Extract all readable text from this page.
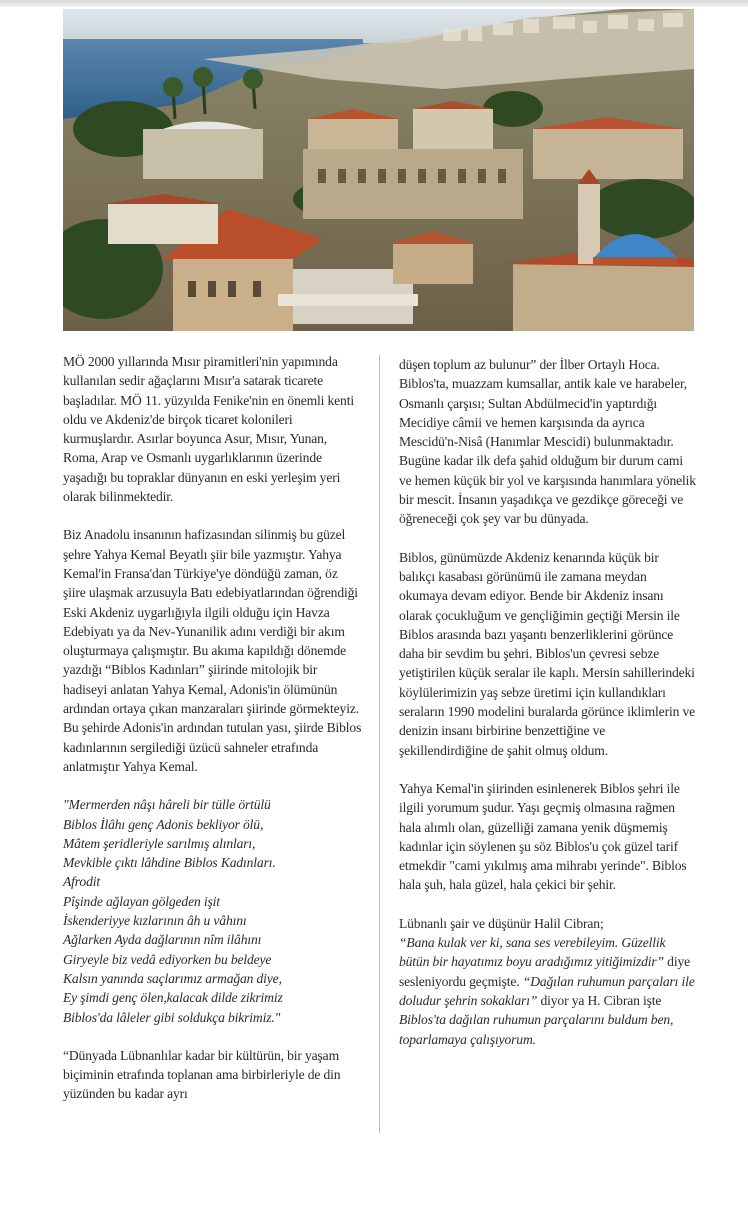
MÖ 2000 yıllarında Mısır piramitleri'nin yapımında kullanılan sedir ağaçlarını Mısır'a satarak ticarete başladılar. MÖ 11. yüzyılda Fenike'nin en önemli kenti oldu ve Akdeniz'de birçok ticaret kolonileri kurmuşlardır. Asırlar boyunca Asur, Mısır, Yunan, Roma, Arap ve Osmanlı uygarlıklarının üzerinde yaşadığı bu topraklar dünyanın en eski yerleşim yeri olarak bilinmektedir.

Biz Anadolu insanının hafizasından silinmiş bu güzel şehre Yahya Kemal Beyatlı şiir bile yazmıştır. Yahya Kemal'in Fransa'dan Türkiye'ye döndüğü zaman, öz şiire ulaşmak arzusuyla Batı edebiyatlarından öğrendiği Eski Akdeniz uygarlığıyla ilgili olduğu için Havza Edebiyatı ya da Nev-Yunanilik adını verdiği bir akım oluşturmaya çalışmıştır. Bu akıma kapıldığı dönemde yazdığı “Biblos Kadınları” şiirinde mitolojik bir hadiseyi anlatan Yahya Kemal, Adonis'in ölümünün ardından ortaya çıkan manzaraları şiirinde görmekteyiz. Bu şehirde Adonis'in ardından tutulan yası, şiirde Biblos kadınlarının sergilediği üzücü sahneler etrafında anlatmıştır Yahya Kemal.

"Mermerden nâşı hâreli bir tülle örtülü
Biblos İlâhı genç Adonis bekliyor ölü,
Mâtem şeridleriyle sarılmış alınları,
Mevkible çıktı lâhdine Biblos Kadınları.
Afrodit
Pîşinde ağlayan gölgeden işit
İskenderiyye kızlarının âh u vâhını
Ağlarken Ayda dağlarının nîm ilâhını
Giryeyle biz vedâ ediyorken bu beldeye
Kalsın yanında saçlarımız armağan diye,
Ey şimdi genç ölen,kalacak dilde zikrimiz
Biblos'da lâleler gibi soldukça bikrimiz."

“Dünyada Lübnanlılar kadar bir kültürün, bir yaşam biçiminin etrafında toplanan ama birbirleriyle de din yüzünden bu kadar ayrı

düşen toplum az bulunur” der İlber Ortaylı Hoca. Biblos'ta, muazzam kumsallar, antik kale ve harabeler, Osmanlı çarşısı; Sultan Abdülmecid'in yaptırdığı Mecidiye câmii ve hemen karşısında da ayrıca Mescidü'n-Nisâ (Hanımlar Mescidi) bulunmaktadır. Bugüne kadar ilk defa şahid olduğum bir durum cami ve hemen küçük bir yol ve karşısında hanımlara yönelik bir mescit. İnsanın yaşadıkça ve gezdikçe göreceği ve öğreneceği çok şey var bu dünyada.

Biblos, günümüzde Akdeniz kenarında küçük bir balıkçı kasabası görünümü ile zamana meydan okumaya devam ediyor. Bende bir Akdeniz insanı olarak çocukluğum ve gençliğimin geçtiği Mersin ile Biblos arasında bazı yaşantı benzerliklerini görünce daha bir sevdim bu şehri. Biblos'un çevresi sebze yetiştirilen küçük seralar ile kaplı. Mersin sahillerindeki köylülerimizin yaş sebze üretimi için kullandıkları seraların 1990 modelini buralarda görünce iklimlerin ve denizin insanı birbirine benzettiğine ve şekillendirdiğine de şahit olmuş oldum.

Yahya Kemal'in şiirinden esinlenerek Biblos şehri ile ilgili yorumum şudur. Yaşı geçmiş olmasına rağmen hala alımlı olan, güzelliği zamana yenik düşmemiş kadınlar için söylenen şu söz Biblos'u çok güzel tarif etmekdir "cami yıkılmış ama mihrabı yerinde". Biblos hala şuh, hala güzel, hala çekici bir şehir.

Lübnanlı şair ve düşünür Halil Cibran;
“Bana kulak ver ki, sana ses verebileyim. Güzellik bütün bir hayatımız boyu aradığımız yitiğimizdir” diye sesleniyordu geçmişte. “Dağılan ruhumun parçaları ile doludur şehrin sokakları” diyor ya H. Cibran işte Biblos'ta dağılan ruhumun parçalarını buldum ben, toparlamaya çalışıyorum.
